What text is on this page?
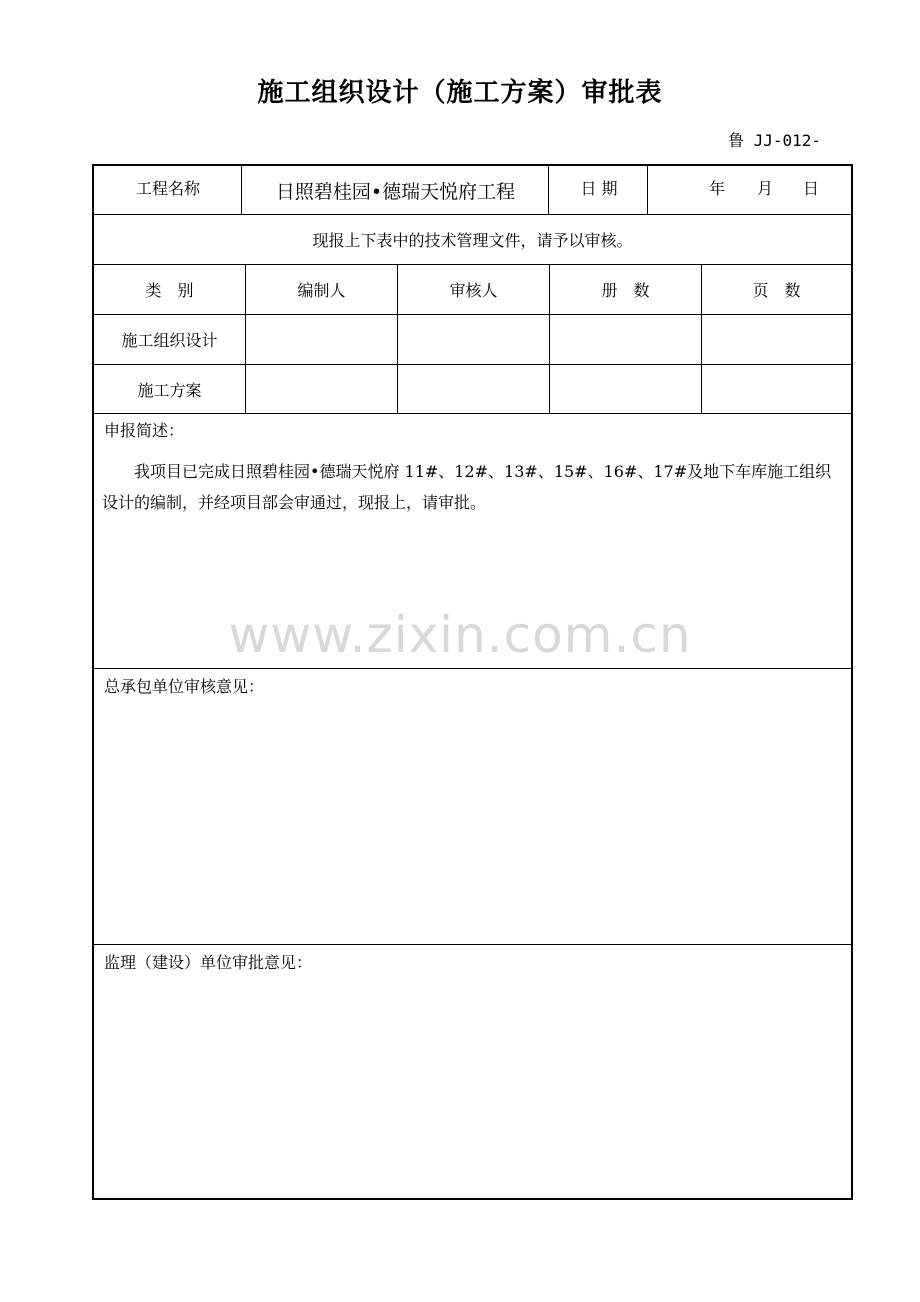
施工组织设计（施工方案）审批表
鲁 JJ-012-
工程名称	日照碧桂园•德瑞天悦府工程	日 期	年	月	日
现报上下表中的技术管理文件，请予以审核。
类　别	编制人	审核人	册　数	页　数
施工组织设计
施工方案
申报简述：
我项目已完成日照碧桂园•德瑞天悦府 11#、12#、13#、15#、16#、17#及地下车库施工组织设计的编制，并经项目部会审通过，现报上，请审批。
总承包单位审核意见：
监理（建设）单位审批意见：
www.zixin.com.cn
